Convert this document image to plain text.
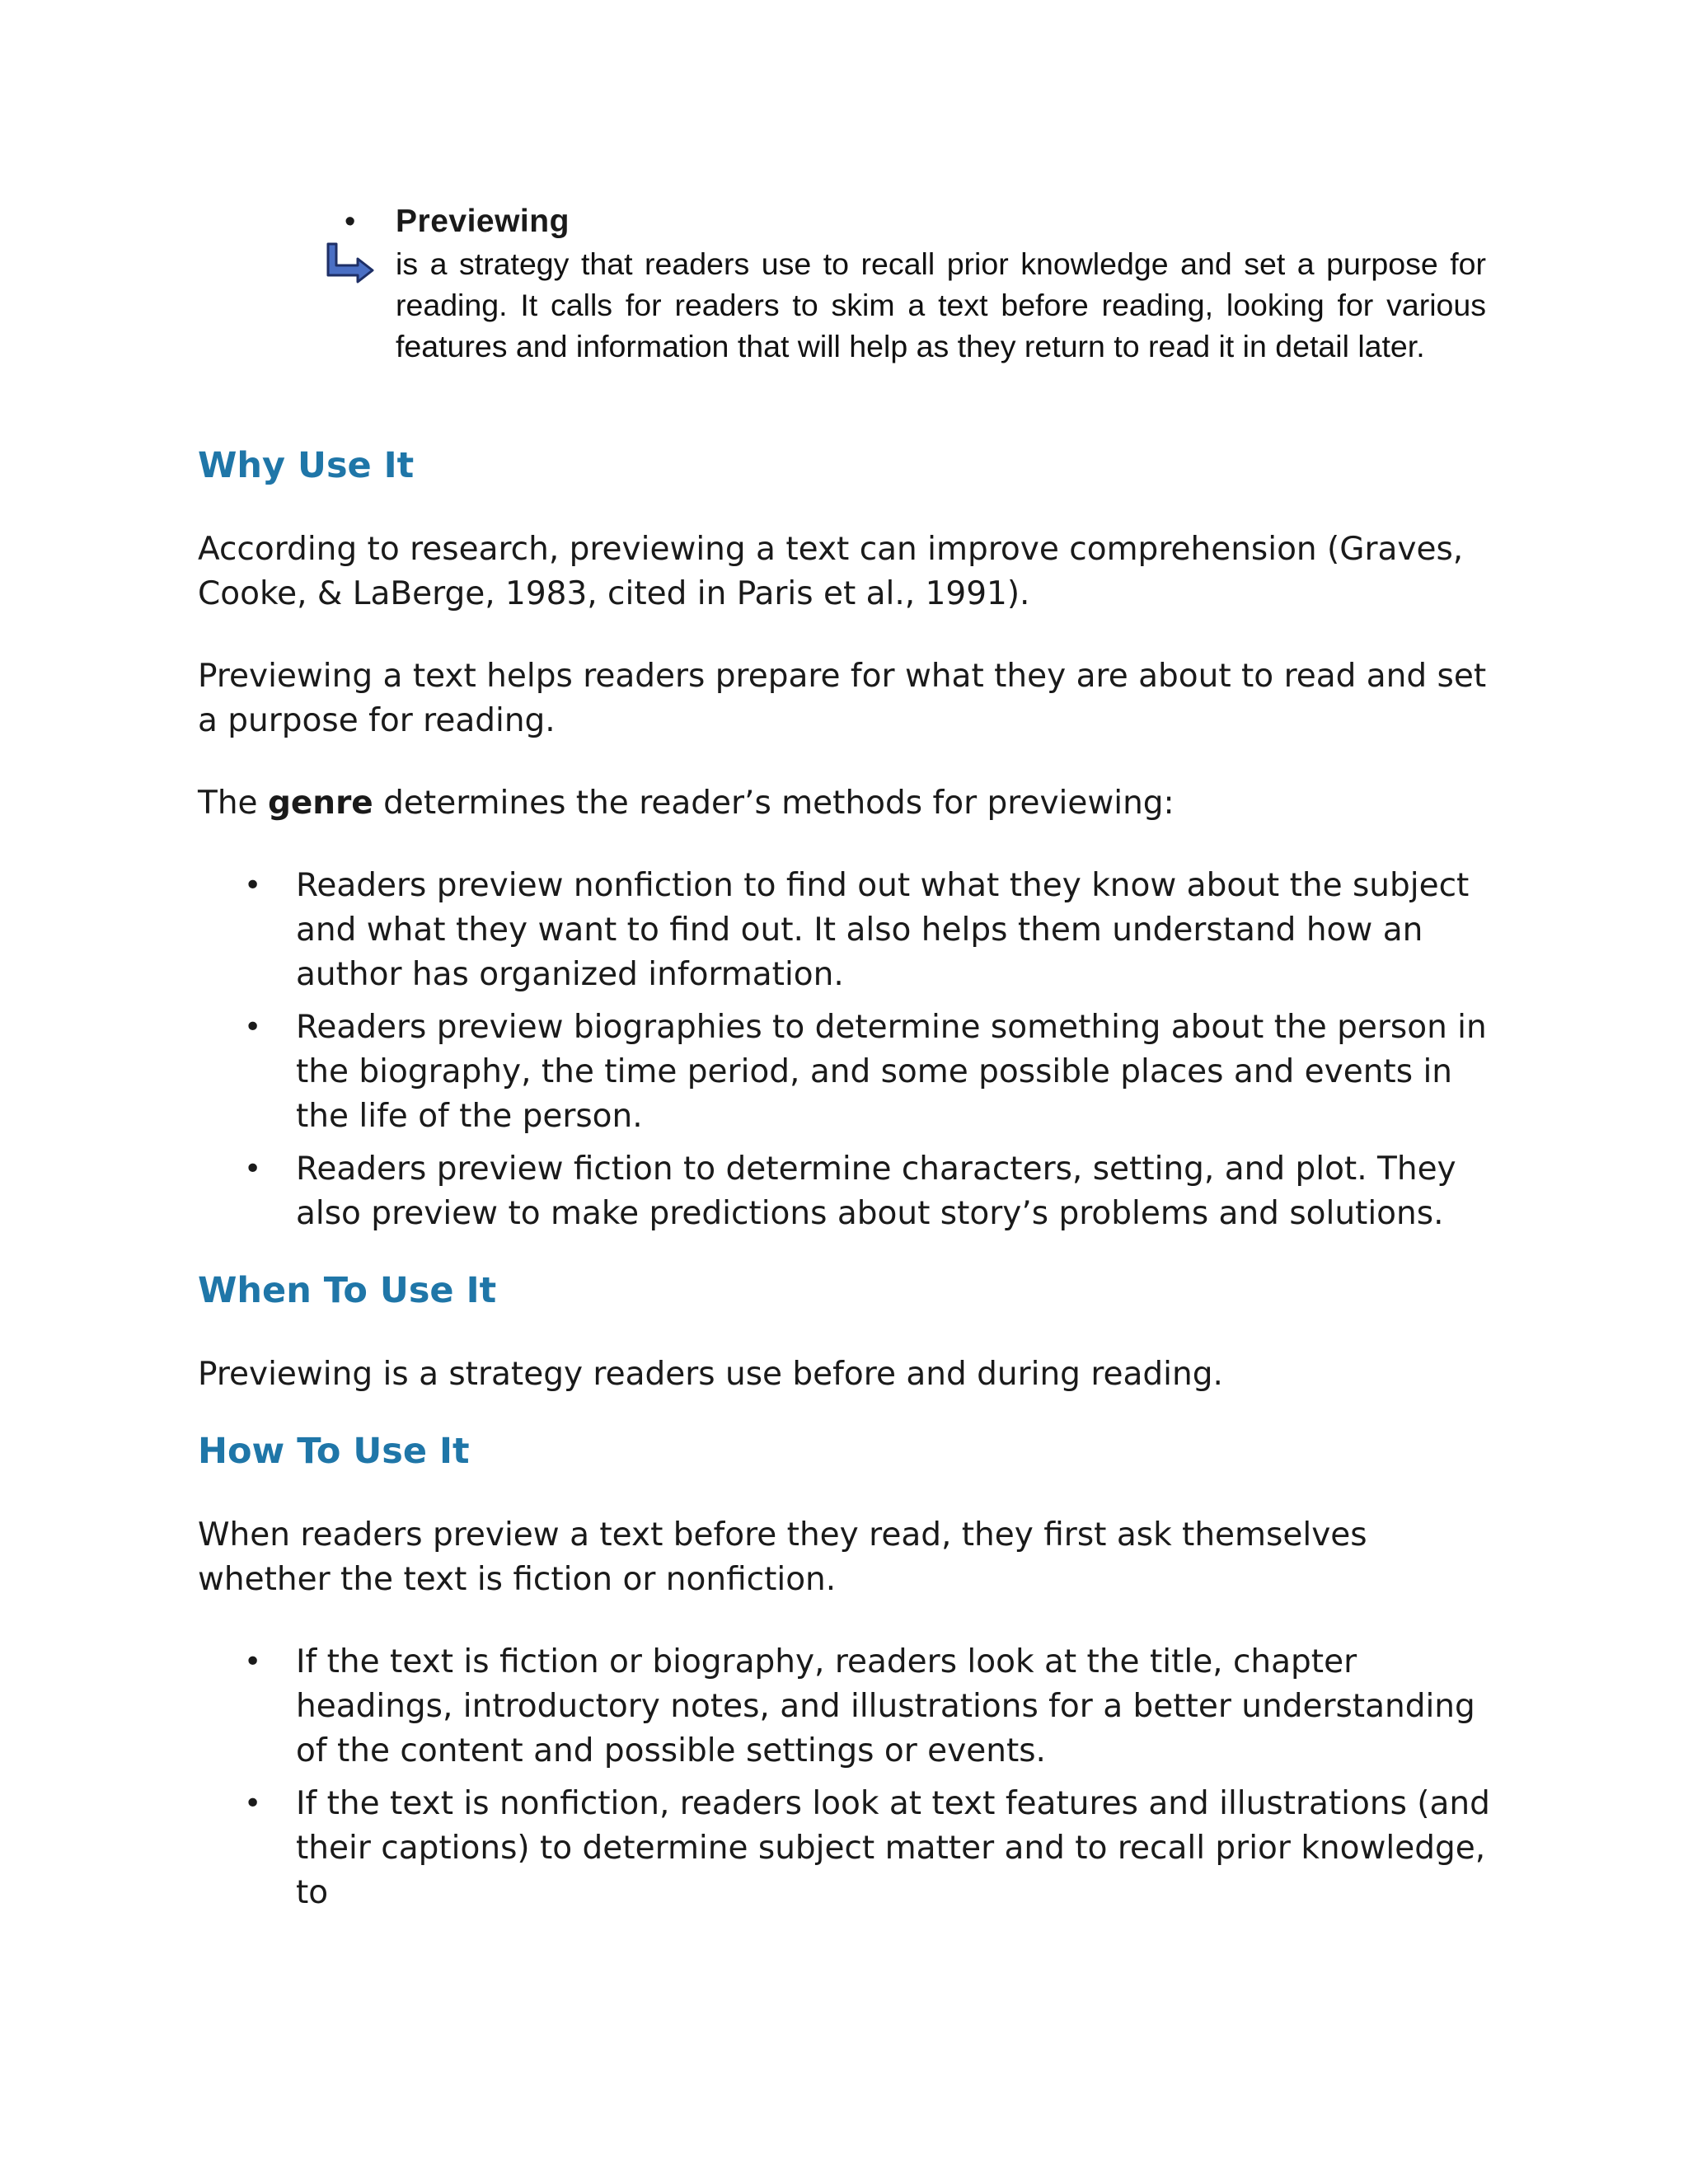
• Previewing
is a strategy that readers use to recall prior knowledge and set a purpose for reading. It calls for readers to skim a text before reading, looking for various features and information that will help as they return to read it in detail later.
Why Use It

According to research, previewing a text can improve comprehension (Graves, Cooke, & LaBerge, 1983, cited in Paris et al., 1991).

Previewing a text helps readers prepare for what they are about to read and set a purpose for reading.

The genre determines the reader’s methods for previewing:

• Readers preview nonfiction to find out what they know about the subject and what they want to find out. It also helps them understand how an author has organized information.
• Readers preview biographies to determine something about the person in the biography, the time period, and some possible places and events in the life of the person.
• Readers preview fiction to determine characters, setting, and plot. They also preview to make predictions about story’s problems and solutions.
When To Use It

Previewing is a strategy readers use before and during reading.

How To Use It

When readers preview a text before they read, they first ask themselves whether the text is fiction or nonfiction.

• If the text is fiction or biography, readers look at the title, chapter headings, introductory notes, and illustrations for a better understanding of the content and possible settings or events.
• If the text is nonfiction, readers look at text features and illustrations (and their captions) to determine subject matter and to recall prior knowledge, to
